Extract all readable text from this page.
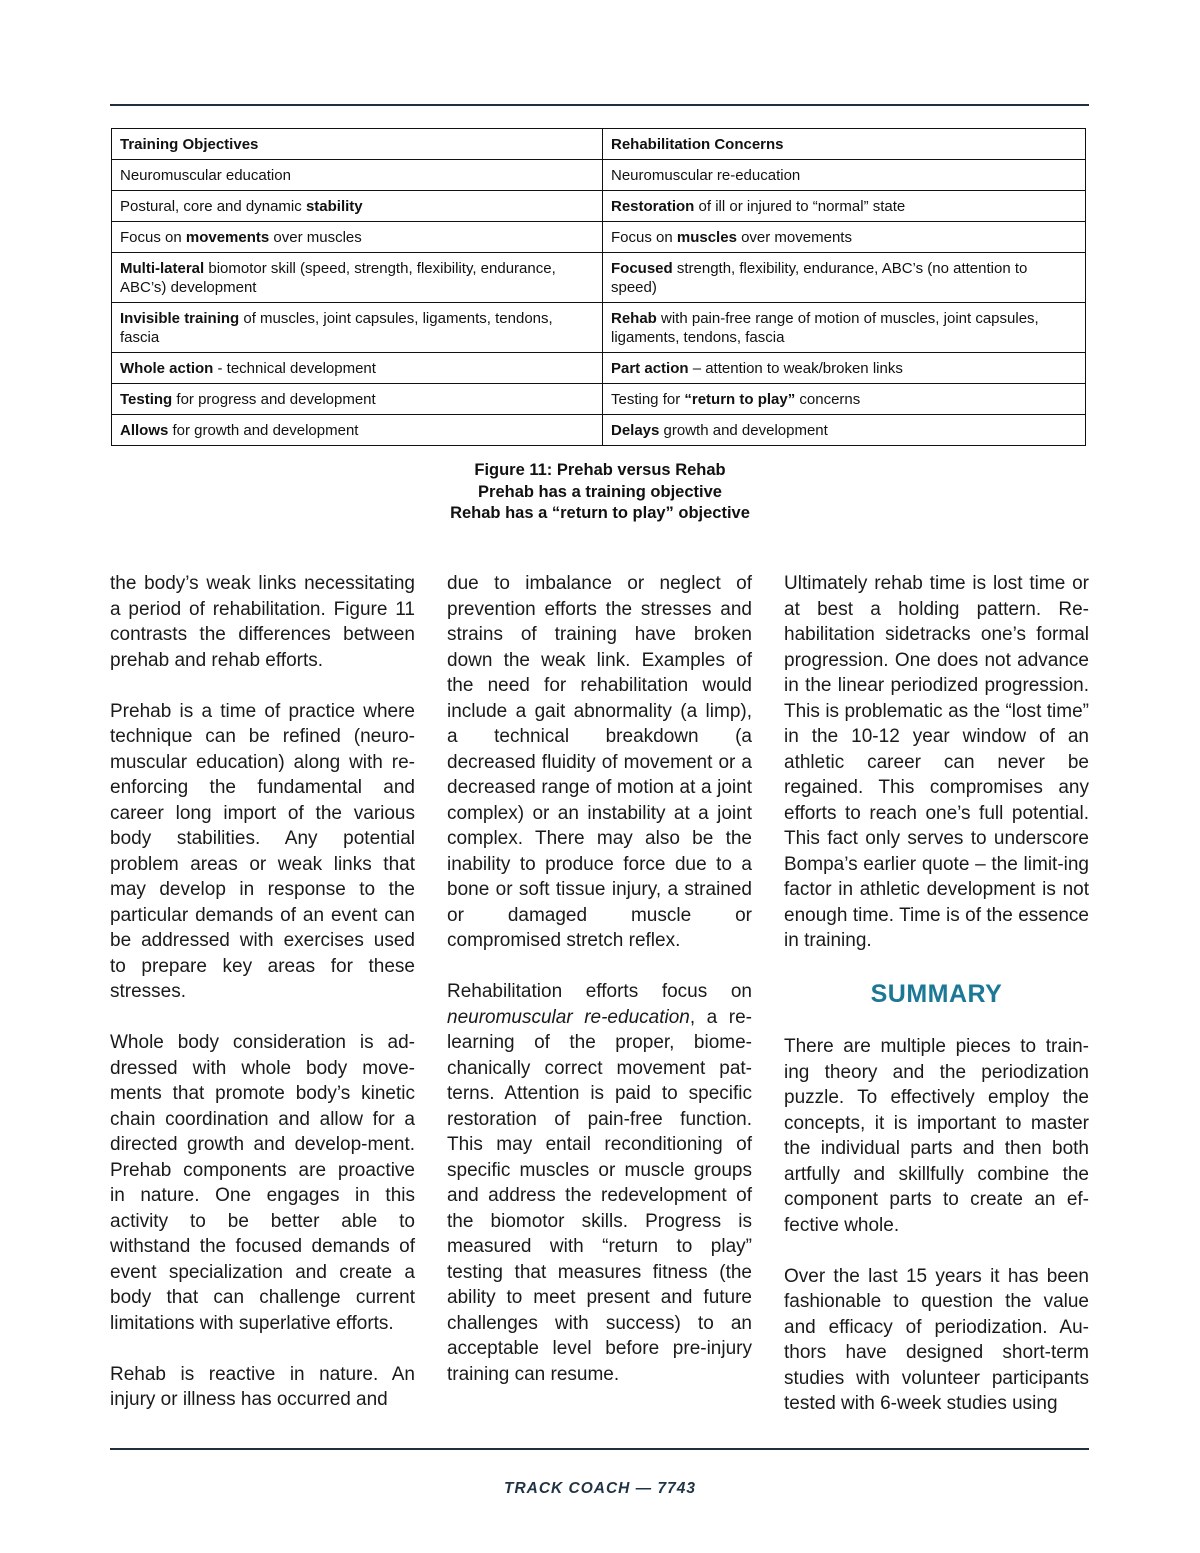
Training Objectives	Rehabilitation Concerns
Neuromuscular education	Neuromuscular re-education
Postural, core and dynamic stability	Restoration of ill or injured to “normal” state
Focus on movements over muscles	Focus on muscles over movements
Multi-lateral biomotor skill (speed, strength, flexibility, endurance, ABC’s) development	Focused strength, flexibility, endurance, ABC’s (no attention to speed)
Invisible training of muscles, joint capsules, ligaments, tendons, fascia	Rehab with pain-free range of motion of muscles, joint capsules, ligaments, tendons, fascia
Whole action - technical development	Part action – attention to weak/broken links
Testing for progress and development	Testing for “return to play” concerns
Allows for growth and development	Delays growth and development
Figure 11: Prehab versus Rehab
Prehab has a training objective
Rehab has a “return to play” objective

the body’s weak links necessitating a period of rehabilitation. Figure 11 contrasts the differences between prehab and rehab efforts.

Prehab is a time of practice where technique can be refined (neuro-muscular education) along with re-enforcing the fundamental and career long import of the various body stabilities. Any potential problem areas or weak links that may develop in response to the particular demands of an event can be addressed with exercises used to prepare key areas for these stresses.

Whole body consideration is ad-dressed with whole body move-ments that promote body’s kinetic chain coordination and allow for a directed growth and develop-ment. Prehab components are proactive in nature. One engages in this activity to be better able to withstand the focused demands of event specialization and create a body that can challenge current limitations with superlative efforts.

Rehab is reactive in nature. An injury or illness has occurred and

due to imbalance or neglect of prevention efforts the stresses and strains of training have broken down the weak link. Examples of the need for rehabilitation would include a gait abnormality (a limp), a technical breakdown (a decreased fluidity of movement or a decreased range of motion at a joint complex) or an instability at a joint complex. There may also be the inability to produce force due to a bone or soft tissue injury, a strained or damaged muscle or compromised stretch reflex.

Rehabilitation efforts focus on neuromuscular re-education, a re-learning of the proper, biome-chanically correct movement pat-terns. Attention is paid to specific restoration of pain-free function. This may entail reconditioning of specific muscles or muscle groups and address the redevelopment of the biomotor skills. Progress is measured with “return to play” testing that measures fitness (the ability to meet present and future challenges with success) to an acceptable level before pre-injury training can resume.

Ultimately rehab time is lost time or at best a holding pattern. Re-habilitation sidetracks one’s formal progression. One does not advance in the linear periodized progression. This is problematic as the “lost time” in the 10-12 year window of an athletic career can never be regained. This compromises any efforts to reach one’s full potential. This fact only serves to underscore Bompa’s earlier quote – the limit-ing factor in athletic development is not enough time. Time is of the essence in training.

SUMMARY

There are multiple pieces to train-ing theory and the periodization puzzle. To effectively employ the concepts, it is important to master the individual parts and then both artfully and skillfully combine the component parts to create an ef-fective whole.

Over the last 15 years it has been fashionable to question the value and efficacy of periodization. Au-thors have designed short-term studies with volunteer participants tested with 6-week studies using

TRACK COACH — 7743
